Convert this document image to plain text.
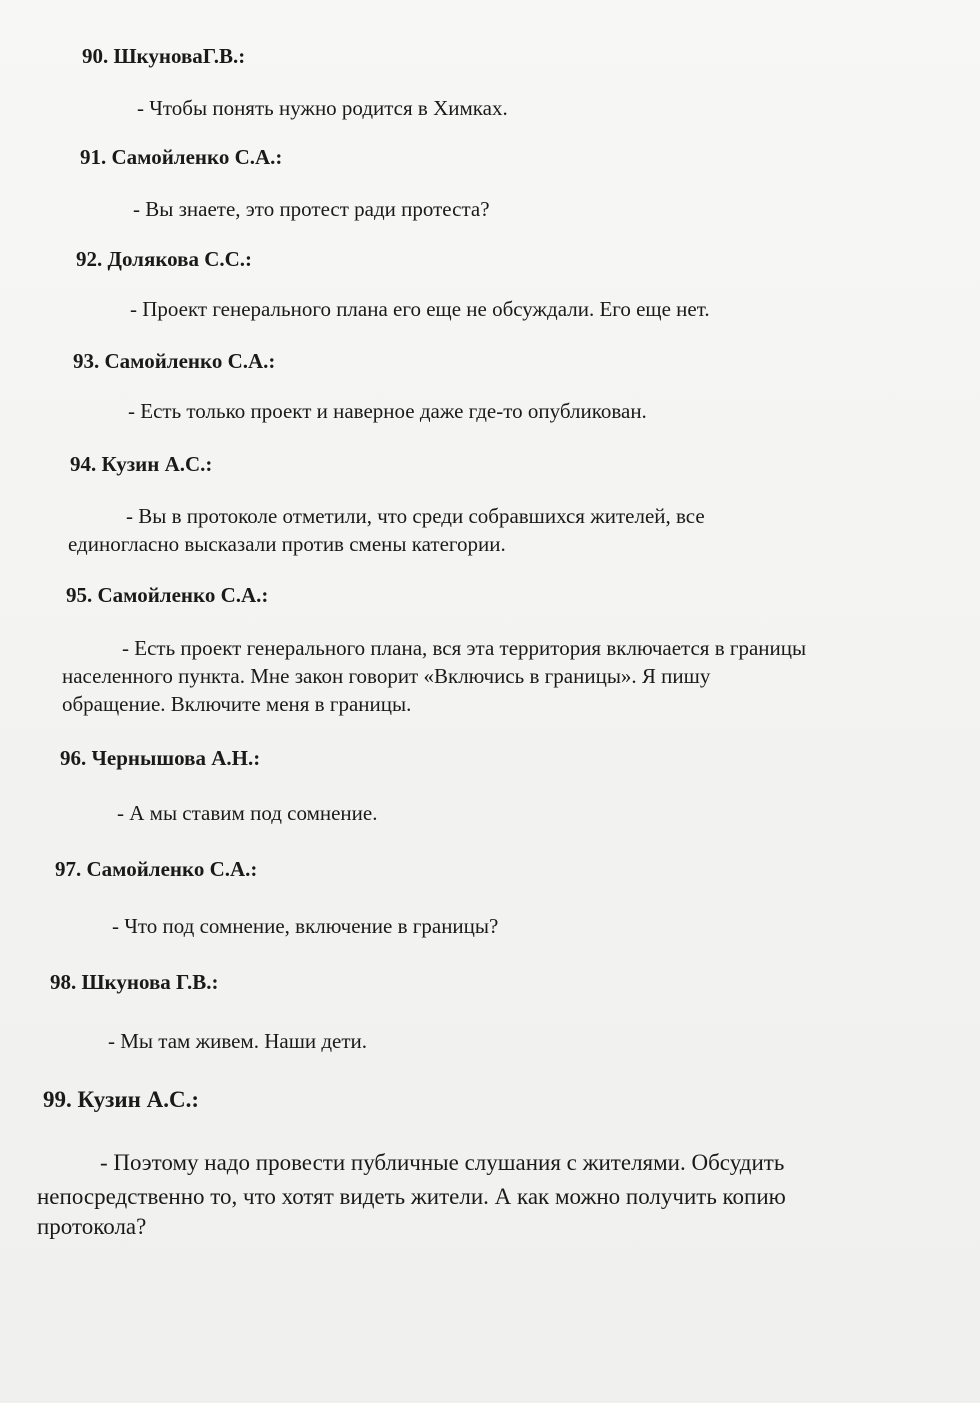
90. ШкуноваГ.В.:
- Чтобы понять нужно родится в Химках.
91. Самойленко С.А.:
- Вы знаете, это протест ради протеста?
92. Долякова С.С.:
- Проект генерального плана его еще не обсуждали. Его еще нет.
93. Самойленко С.А.:
- Есть только проект и наверное даже где-то опубликован.
94. Кузин А.С.:
- Вы в протоколе отметили, что среди собравшихся жителей, все
единогласно высказали против смены категории.
95. Самойленко С.А.:
- Есть проект генерального плана, вся эта территория включается в границы
населенного пункта. Мне закон говорит «Включись в границы». Я пишу
обращение. Включите меня в границы.
96. Чернышова А.Н.:
- А мы ставим под сомнение.
97. Самойленко С.А.:
- Что под сомнение, включение в границы?
98. Шкунова Г.В.:
- Мы там живем. Наши дети.
99. Кузин А.С.:
- Поэтому надо провести публичные слушания с жителями. Обсудить
непосредственно то, что хотят видеть жители. А как можно получить копию
протокола?
